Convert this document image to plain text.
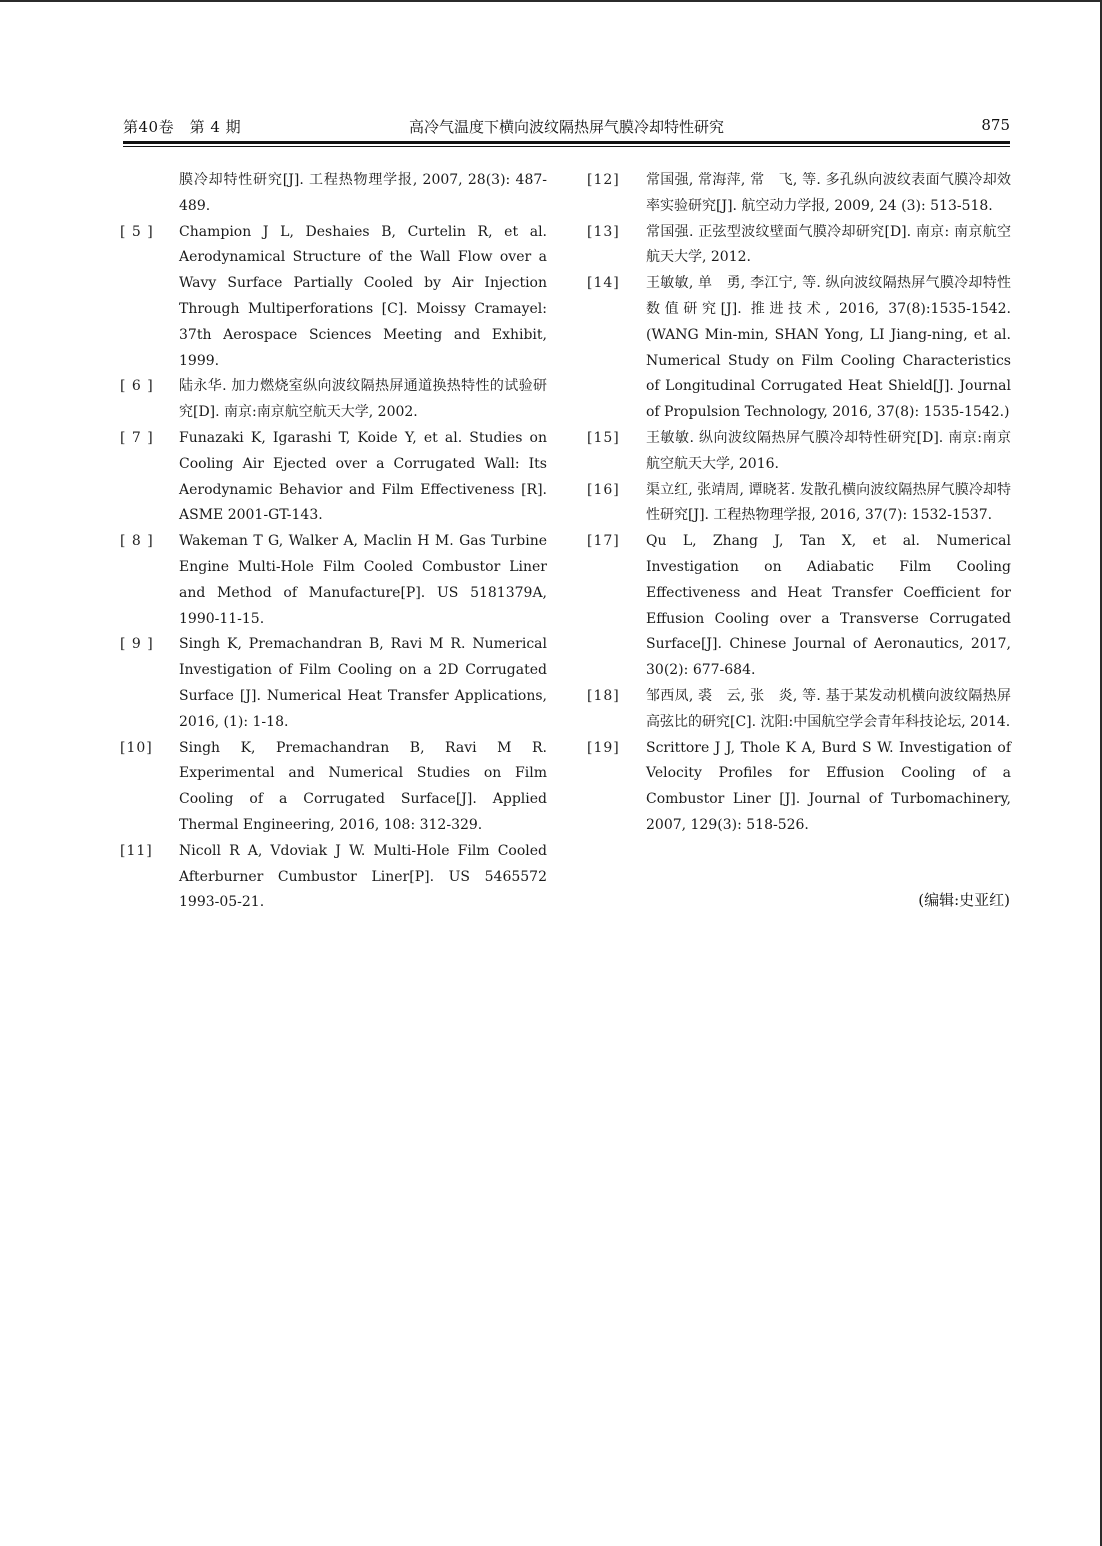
第40卷　第 4 期	高冷气温度下横向波纹隔热屏气膜冷却特性研究	875
膜冷却特性研究[J]. 工程热物理学报, 2007, 28(3): 487-489.
[ 5 ]	Champion J L, Deshaies B, Curtelin R, et al. Aerodynamical Structure of the Wall Flow over a Wavy Surface Partially Cooled by Air Injection Through Multiperforations [C]. Moissy Cramayel: 37th Aerospace Sciences Meeting and Exhibit, 1999.
[ 6 ]	陆永华. 加力燃烧室纵向波纹隔热屏通道换热特性的试验研究[D]. 南京:南京航空航天大学, 2002.
[ 7 ]	Funazaki K, Igarashi T, Koide Y, et al. Studies on Cooling Air Ejected over a Corrugated Wall: Its Aerodynamic Behavior and Film Effectiveness [R]. ASME 2001-GT-143.
[ 8 ]	Wakeman T G, Walker A, Maclin H M. Gas Turbine Engine Multi-Hole Film Cooled Combustor Liner and Method of Manufacture[P]. US 5181379A, 1990-11-15.
[ 9 ]	Singh K, Premachandran B, Ravi M R. Numerical Investigation of Film Cooling on a 2D Corrugated Surface [J]. Numerical Heat Transfer Applications, 2016, (1): 1-18.
[10]	Singh K, Premachandran B, Ravi M R. Experimental and Numerical Studies on Film Cooling of a Corrugated Surface[J]. Applied Thermal Engineering, 2016, 108: 312-329.
[11]	Nicoll R A, Vdoviak J W. Multi-Hole Film Cooled Afterburner Cumbustor Liner[P]. US 5465572 1993-05-21.
[12]	常国强, 常海萍, 常　飞, 等. 多孔纵向波纹表面气膜冷却效率实验研究[J]. 航空动力学报, 2009, 24 (3): 513-518.
[13]	常国强. 正弦型波纹壁面气膜冷却研究[D]. 南京: 南京航空航天大学, 2012.
[14]	王敏敏, 单　勇, 李江宁, 等. 纵向波纹隔热屏气膜冷却特性数值研究[J]. 推进技术, 2016, 37(8):1535-1542. (WANG Min-min, SHAN Yong, LI Jiang-ning, et al. Numerical Study on Film Cooling Characteristics of Longitudinal Corrugated Heat Shield[J]. Journal of Propulsion Technology, 2016, 37(8): 1535-1542.)
[15]	王敏敏. 纵向波纹隔热屏气膜冷却特性研究[D]. 南京:南京航空航天大学, 2016.
[16]	渠立红, 张靖周, 谭晓茗. 发散孔横向波纹隔热屏气膜冷却特性研究[J]. 工程热物理学报, 2016, 37(7): 1532-1537.
[17]	Qu L, Zhang J, Tan X, et al. Numerical Investigation on Adiabatic Film Cooling Effectiveness and Heat Transfer Coefficient for Effusion Cooling over a Transverse Corrugated Surface[J]. Chinese Journal of Aeronautics, 2017, 30(2): 677-684.
[18]	邹西凤, 裘　云, 张　炎, 等. 基于某发动机横向波纹隔热屏高弦比的研究[C]. 沈阳:中国航空学会青年科技论坛, 2014.
[19]	Scrittore J J, Thole K A, Burd S W. Investigation of Velocity Profiles for Effusion Cooling of a Combustor Liner [J]. Journal of Turbomachinery, 2007, 129(3): 518-526.
(编辑:史亚红)
